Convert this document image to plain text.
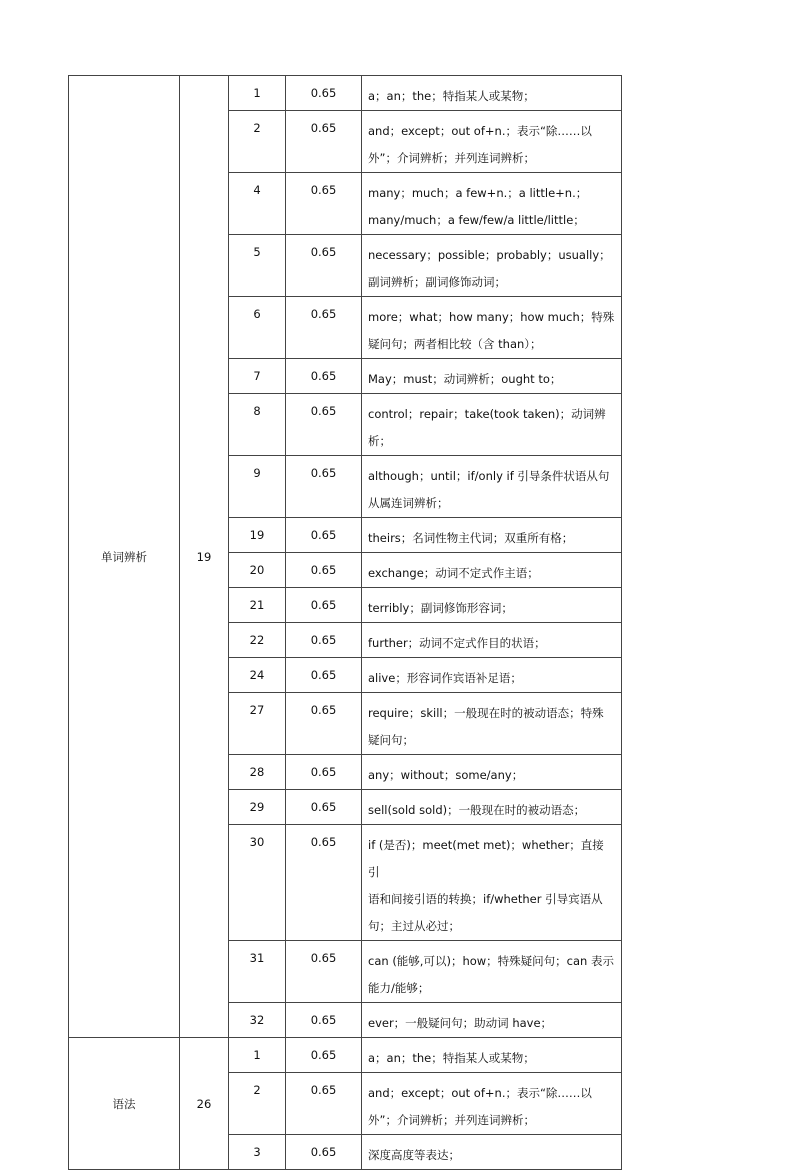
单词辨析	19	1	0.65	a；an；the；特指某人或某物；

		2	0.65	and；except；out of+n.；表示“除……以
外”；介词辨析；并列连词辨析；

		4	0.65	many；much；a few+n.；a little+n.；
many/much；a few/few/a little/little；

		5	0.65	necessary；possible；probably；usually；
副词辨析；副词修饰动词；

		6	0.65	more；what；how many；how much；特殊
疑问句；两者相比较（含 than）；

		7	0.65	May；must；动词辨析；ought to；

		8	0.65	control；repair；take(took taken)；动词辨
析；

		9	0.65	although；until；if/only if 引导条件状语从句
从属连词辨析；

		19	0.65	theirs；名词性物主代词；双重所有格；

		20	0.65	exchange；动词不定式作主语；

		21	0.65	terribly；副词修饰形容词；

		22	0.65	further；动词不定式作目的状语；

		24	0.65	alive；形容词作宾语补足语；

		27	0.65	require；skill；一般现在时的被动语态；特殊
疑问句；

		28	0.65	any；without；some/any；

		29	0.65	sell(sold sold)；一般现在时的被动语态；

		30	0.65	if (是否)；meet(met met)；whether；直接引
语和间接引语的转换；if/whether 引导宾语从
句；主过从必过；

		31	0.65	can (能够,可以)；how；特殊疑问句；can 表示
能力/能够；

		32	0.65	ever；一般疑问句；助动词 have；

语法	26	1	0.65	a；an；the；特指某人或某物；

		2	0.65	and；except；out of+n.；表示“除……以
外”；介词辨析；并列连词辨析；

		3	0.65	深度高度等表达；
